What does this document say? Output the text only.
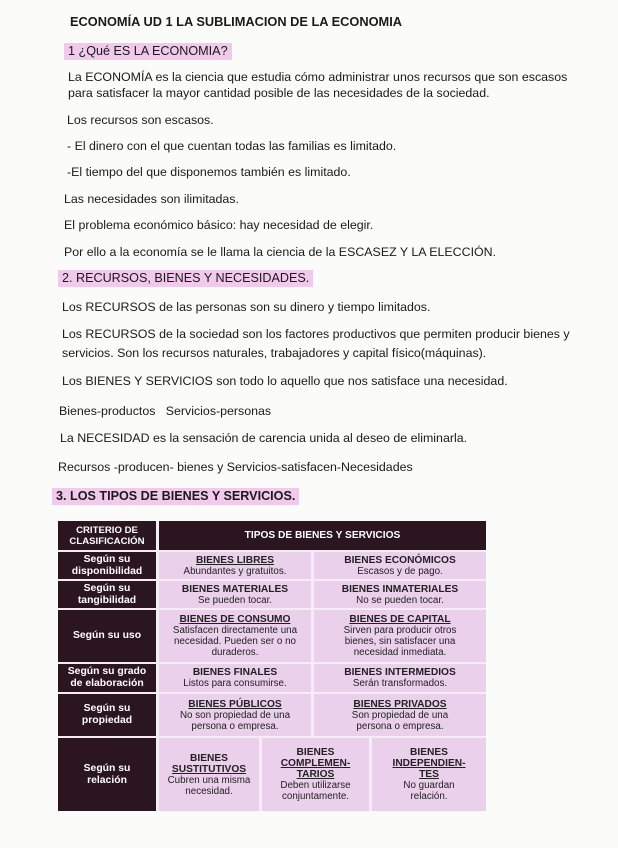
ECONOMÍA UD 1 LA SUBLIMACION DE LA ECONOMIA
1 ¿Qué ES LA ECONOMIA?
La ECONOMÍA es la ciencia que estudia cómo administrar unos recursos que son escasos
para satisfacer la mayor cantidad posible de las necesidades de la sociedad.
Los recursos son escasos.
- El dinero con el que cuentan todas las familias es limitado.
-El tiempo del que disponemos también es limitado.
Las necesidades son ilimitadas.
El problema económico básico: hay necesidad de elegir.
Por ello a la economía se le llama la ciencia de la ESCASEZ Y LA ELECCIÓN.
2. RECURSOS, BIENES Y NECESIDADES.
Los RECURSOS de las personas son su dinero y tiempo limitados.
Los RECURSOS de la sociedad son los factores productivos que permiten producir bienes y
servicios. Son los recursos naturales, trabajadores y capital físico(máquinas).
Los BIENES Y SERVICIOS son todo lo aquello que nos satisface una necesidad.
Bienes-productos   Servicios-personas
La NECESIDAD es la sensación de carencia unida al deseo de eliminarla.
Recursos -producen- bienes y Servicios-satisfacen-Necesidades
3. LOS TIPOS DE BIENES Y SERVICIOS.
CRITERIO DE
CLASIFICACIÓN	TIPOS DE BIENES Y SERVICIOS
Según su
disponibilidad
BIENES LIBRES
Abundantes y gratuitos.
BIENES ECONÓMICOS
Escasos y de pago.
Según su
tangibilidad
BIENES MATERIALES
Se pueden tocar.
BIENES INMATERIALES
No se pueden tocar.
Según su uso
BIENES DE CONSUMO
Satisfacen directamente una
necesidad. Pueden ser o no
duraderos.
BIENES DE CAPITAL
Sirven para producir otros
bienes, sin satisfacer una
necesidad inmediata.
Según su grado
de elaboración
BIENES FINALES
Listos para consumirse.
BIENES INTERMEDIOS
Serán transformados.
Según su
propiedad
BIENES PÚBLICOS
No son propiedad de una
persona o empresa.
BIENES PRIVADOS
Son propiedad de una
persona o empresa.
Según su
relación
BIENES
SUSTITUTIVOS
Cubren una misma
necesidad.
BIENES
COMPLEMEN-
TARIOS
Deben utilizarse
conjuntamente.
BIENES
INDEPENDIEN-
TES
No guardan
relación.
